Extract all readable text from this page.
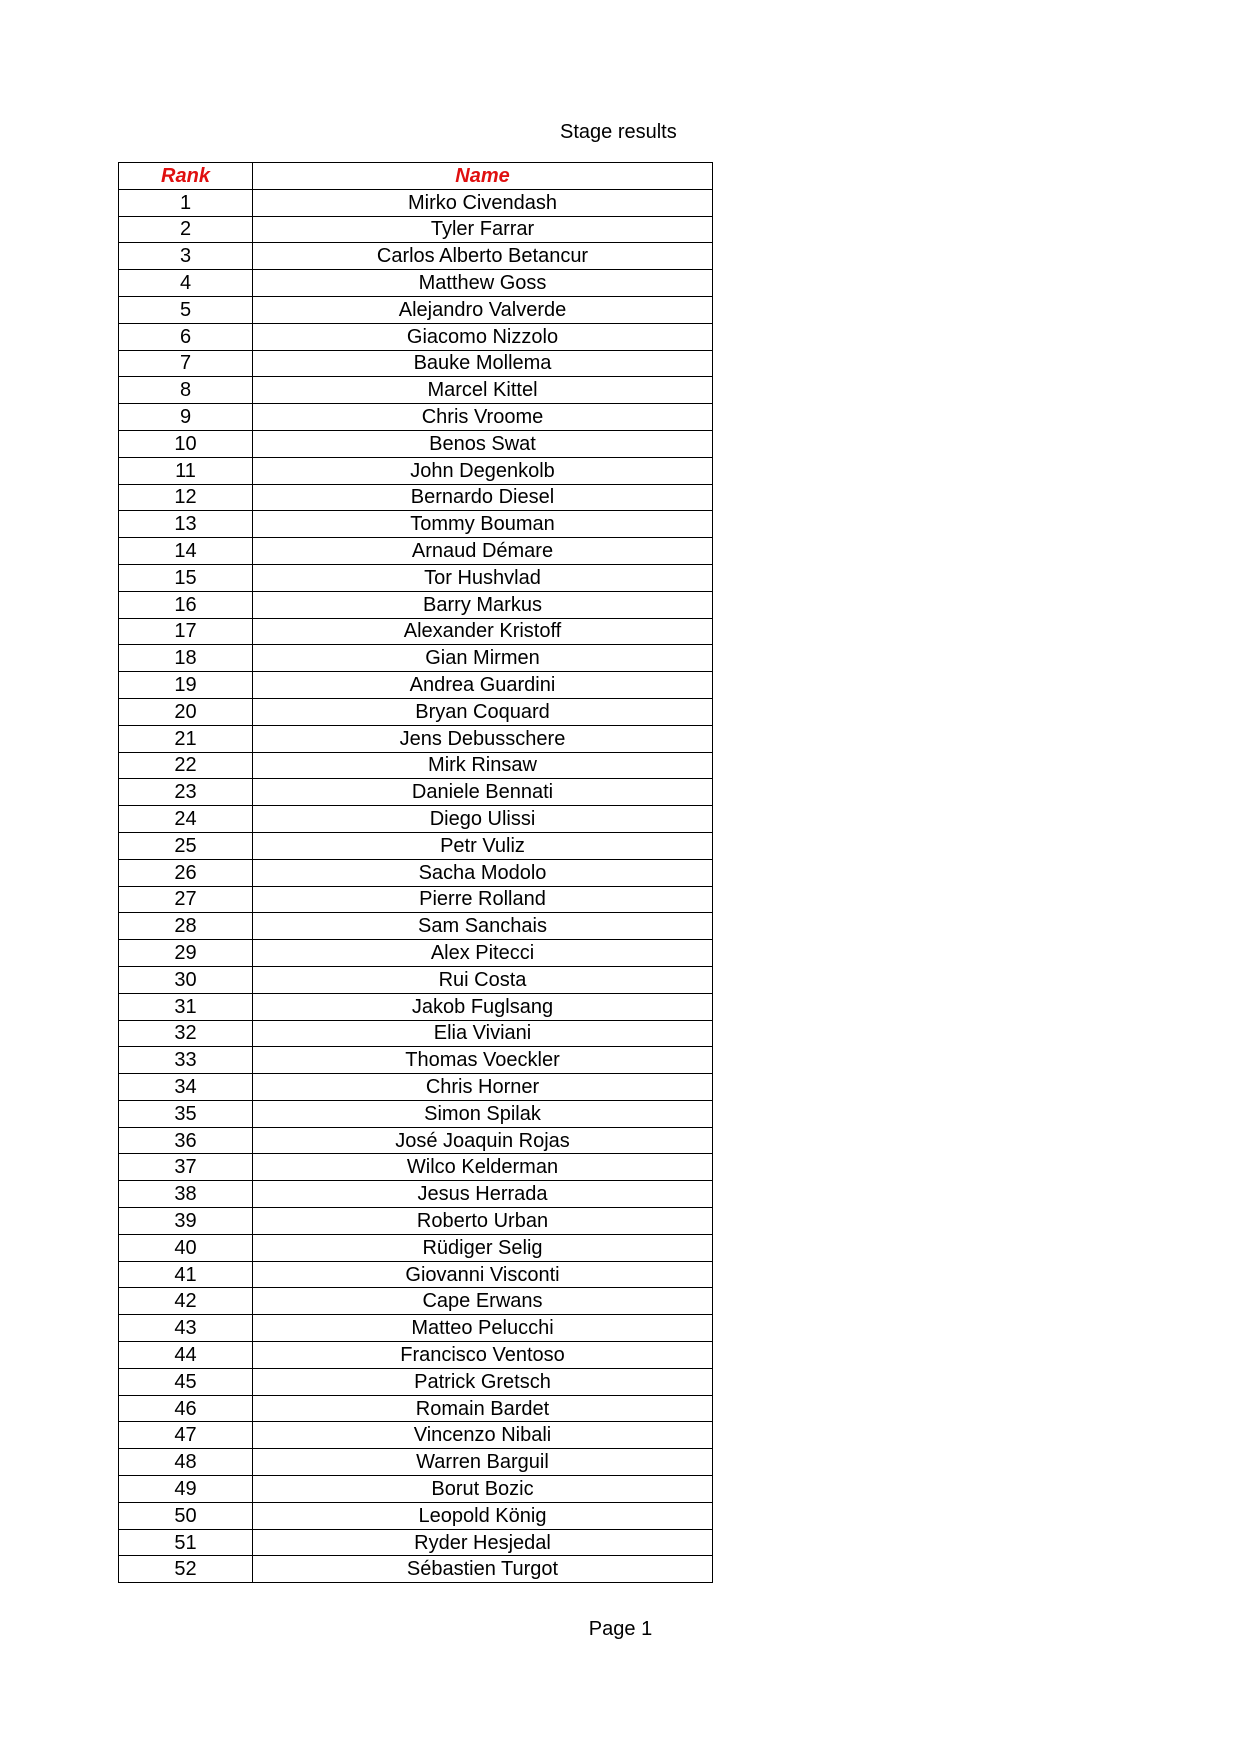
Stage results
Rank	Name
1	Mirko Civendash
2	Tyler Farrar
3	Carlos Alberto Betancur
4	Matthew Goss
5	Alejandro Valverde
6	Giacomo Nizzolo
7	Bauke Mollema
8	Marcel Kittel
9	Chris Vroome
10	Benos Swat
11	John Degenkolb
12	Bernardo Diesel
13	Tommy Bouman
14	Arnaud Démare
15	Tor Hushvlad
16	Barry Markus
17	Alexander Kristoff
18	Gian Mirmen
19	Andrea Guardini
20	Bryan Coquard
21	Jens Debusschere
22	Mirk Rinsaw
23	Daniele Bennati
24	Diego Ulissi
25	Petr Vuliz
26	Sacha Modolo
27	Pierre Rolland
28	Sam Sanchais
29	Alex Pitecci
30	Rui Costa
31	Jakob Fuglsang
32	Elia Viviani
33	Thomas Voeckler
34	Chris Horner
35	Simon Spilak
36	José Joaquin Rojas
37	Wilco Kelderman
38	Jesus Herrada
39	Roberto Urban
40	Rüdiger Selig
41	Giovanni Visconti
42	Cape Erwans
43	Matteo Pelucchi
44	Francisco Ventoso
45	Patrick Gretsch
46	Romain Bardet
47	Vincenzo Nibali
48	Warren Barguil
49	Borut Bozic
50	Leopold König
51	Ryder Hesjedal
52	Sébastien Turgot
Page 1
